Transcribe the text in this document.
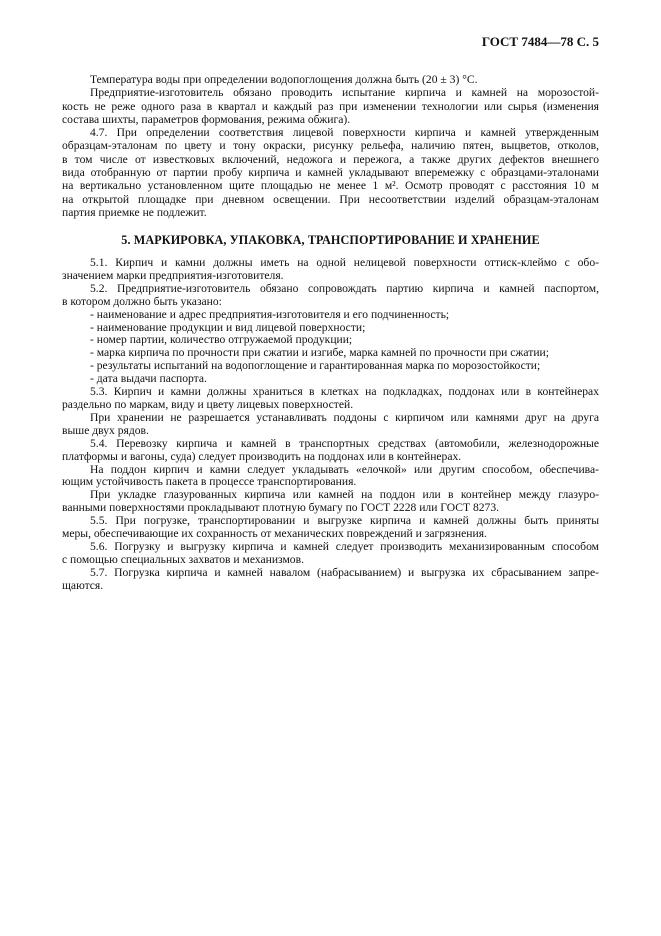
ГОСТ 7484—78 С. 5
Температура воды при определении водопоглощения должна быть (20 ± 3) °С.
Предприятие-изготовитель обязано проводить испытание кирпича и камней на морозостой-
кость не реже одного раза в квартал и каждый раз при изменении технологии или сырья (изменения
состава шихты, параметров формования, режима обжига).
4.7. При определении соответствия лицевой поверхности кирпича и камней утвержденным
образцам-эталонам по цвету и тону окраски, рисунку рельефа, наличию пятен, выцветов, отколов,
в том числе от известковых включений, недожога и пережога, а также других дефектов внешнего
вида отобранную от партии пробу кирпича и камней укладывают вперемежку с образцами-эталонами
на вертикально установленном щите площадью не менее 1 м². Осмотр проводят с расстояния 10 м
на открытой площадке при дневном освещении. При несоответствии изделий образцам-эталонам
партия приемке не подлежит.
5. МАРКИРОВКА, УПАКОВКА, ТРАНСПОРТИРОВАНИЕ И ХРАНЕНИЕ
5.1. Кирпич и камни должны иметь на одной нелицевой поверхности оттиск-клеймо с обо-
значением марки предприятия-изготовителя.
5.2. Предприятие-изготовитель обязано сопровождать партию кирпича и камней паспортом,
в котором должно быть указано:
- наименование и адрес предприятия-изготовителя и его подчиненность;
- наименование продукции и вид лицевой поверхности;
- номер партии, количество отгружаемой продукции;
- марка кирпича по прочности при сжатии и изгибе, марка камней по прочности при сжатии;
- результаты испытаний на водопоглощение и гарантированная марка по морозостойкости;
- дата выдачи паспорта.
5.3. Кирпич и камни должны храниться в клетках на подкладках, поддонах или в контейнерах
раздельно по маркам, виду и цвету лицевых поверхностей.
При хранении не разрешается устанавливать поддоны с кирпичом или камнями друг на друга
выше двух рядов.
5.4. Перевозку кирпича и камней в транспортных средствах (автомобили, железнодорожные
платформы и вагоны, суда) следует производить на поддонах или в контейнерах.
На поддон кирпич и камни следует укладывать «елочкой» или другим способом, обеспечива-
ющим устойчивость пакета в процессе транспортирования.
При укладке глазурованных кирпича или камней на поддон или в контейнер между глазуро-
ванными поверхностями прокладывают плотную бумагу по ГОСТ 2228 или ГОСТ 8273.
5.5. При погрузке, транспортировании и выгрузке кирпича и камней должны быть приняты
меры, обеспечивающие их сохранность от механических повреждений и загрязнения.
5.6. Погрузку и выгрузку кирпича и камней следует производить механизированным способом
с помощью специальных захватов и механизмов.
5.7. Погрузка кирпича и камней навалом (набрасыванием) и выгрузка их сбрасыванием запре-
щаются.
